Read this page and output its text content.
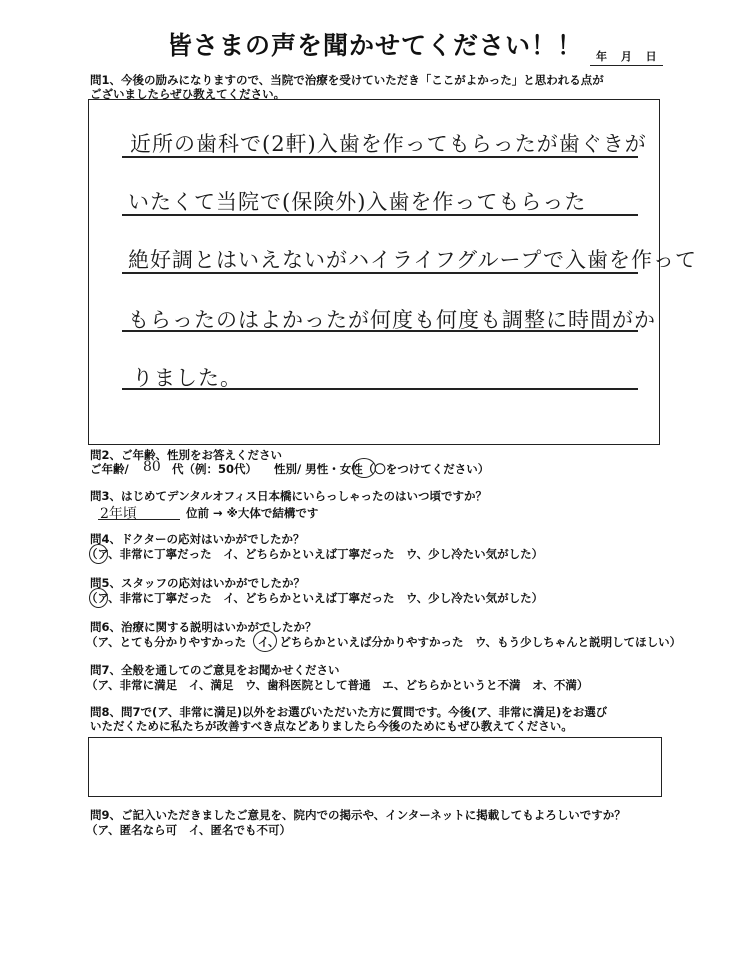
皆さまの声を聞かせてください！！	年 月 日
問1、今後の励みになりますので、当院で治療を受けていただき「ここがよかった」と思われる点が
ございましたらぜひ教えてください。
近所の歯科で(2軒)入歯を作ってもらったが歯ぐきが
いたくて当院で(保険外)入歯を作ってもらった
絶好調とはいえないがハイライフグループで入歯を作って
もらったのはよかったが何度も何度も調整に時間がか
りました。
問2、ご年齢、性別をお答えください
ご年齢/ 80 代（例：50代） 性別/ 男性・女性（〇をつけてください）
問3、はじめてデンタルオフィス日本橋にいらっしゃったのはいつ頃ですか？
2年頃	位前 → ※大体で結構です
問4、ドクターの応対はいかがでしたか？
（ア、非常に丁寧だった　イ、どちらかといえば丁寧だった　ウ、少し冷たい気がした）
問5、スタッフの応対はいかがでしたか？
（ア、非常に丁寧だった　イ、どちらかといえば丁寧だった　ウ、少し冷たい気がした）
問6、治療に関する説明はいかがでしたか？
（ア、とても分かりやすかった　イ、どちらかといえば分かりやすかった　ウ、もう少しちゃんと説明してほしい）
問7、全般を通してのご意見をお聞かせください
（ア、非常に満足　イ、満足　ウ、歯科医院として普通　エ、どちらかというと不満　オ、不満）
問8、問7で(ア、非常に満足)以外をお選びいただいた方に質問です。今後(ア、非常に満足)をお選び
いただくために私たちが改善すべき点などありましたら今後のためにもぜひ教えてください。
問9、ご記入いただきましたご意見を、院内での掲示や、インターネットに掲載してもよろしいですか？
（ア、匿名なら可　イ、匿名でも不可）
